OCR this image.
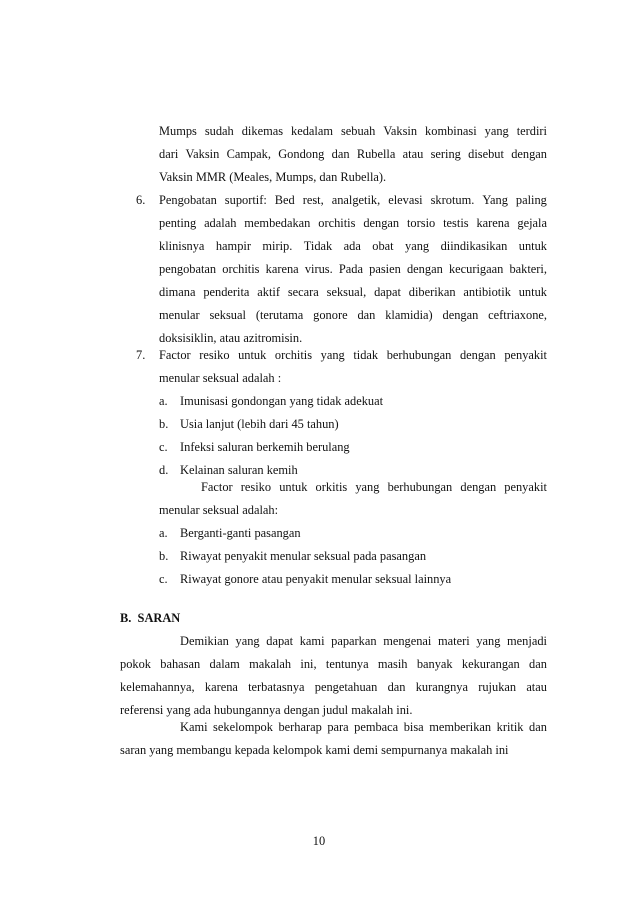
Mumps sudah dikemas kedalam sebuah Vaksin kombinasi yang terdiri
dari Vaksin Campak, Gondong dan Rubella atau sering disebut dengan
Vaksin MMR (Meales, Mumps, dan Rubella).
6. Pengobatan suportif: Bed rest, analgetik, elevasi skrotum. Yang paling
penting adalah membedakan orchitis dengan torsio testis karena gejala
klinisnya hampir mirip. Tidak ada obat yang diindikasikan untuk
pengobatan orchitis karena virus. Pada pasien dengan kecurigaan bakteri,
dimana penderita aktif secara seksual, dapat diberikan antibiotik untuk
menular seksual (terutama gonore dan klamidia) dengan ceftriaxone,
doksisiklin, atau azitromisin.
7. Factor resiko untuk orchitis yang tidak berhubungan dengan penyakit
menular seksual adalah :
a. Imunisasi gondongan yang tidak adekuat
b. Usia lanjut (lebih dari 45 tahun)
c. Infeksi saluran berkemih berulang
d. Kelainan saluran kemih
Factor resiko untuk orkitis yang berhubungan dengan penyakit
menular seksual adalah:
a. Berganti-ganti pasangan
b. Riwayat penyakit menular seksual pada pasangan
c. Riwayat gonore atau penyakit menular seksual lainnya
B.  SARAN
Demikian yang dapat kami paparkan mengenai materi yang menjadi
pokok bahasan dalam makalah ini, tentunya masih banyak kekurangan dan
kelemahannya, karena terbatasnya pengetahuan dan kurangnya rujukan atau
referensi yang ada hubungannya dengan judul makalah ini.
Kami sekelompok berharap para pembaca bisa memberikan kritik dan
saran yang membangu kepada kelompok kami demi sempurnanya makalah ini
10
